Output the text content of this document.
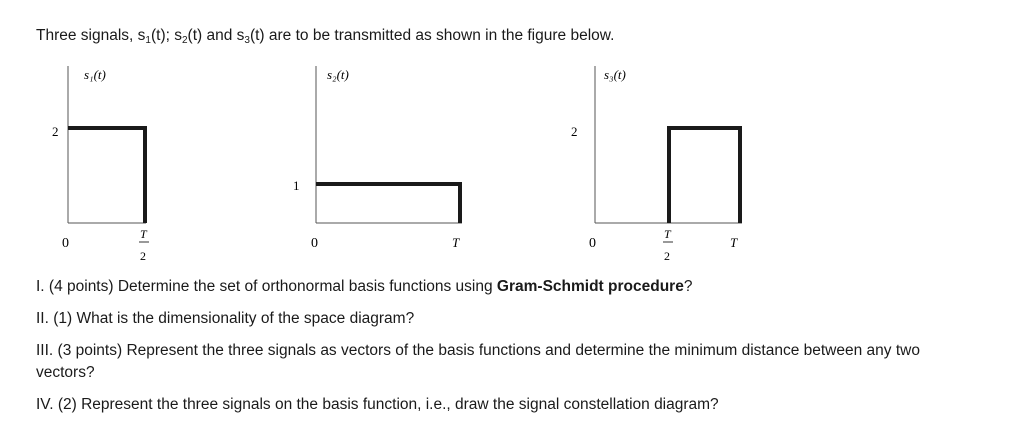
Three signals, $s_1(t)$; $s_2(t)$ and $s_3(t)$ are to be transmitted as shown in the figure below.
s₁(t)
2
0
T
2
s₂(t)
1
0	T
s₃(t)
2
0
T
2
T

I. (4 points) Determine the set of orthonormal basis functions using Gram-Schmidt procedure?

II. (1) What is the dimensionality of the space diagram?

III. (3 points) Represent the three signals as vectors of the basis functions and determine the minimum distance between any two vectors?

IV. (2) Represent the three signals on the basis function, i.e., draw the signal constellation diagram?
